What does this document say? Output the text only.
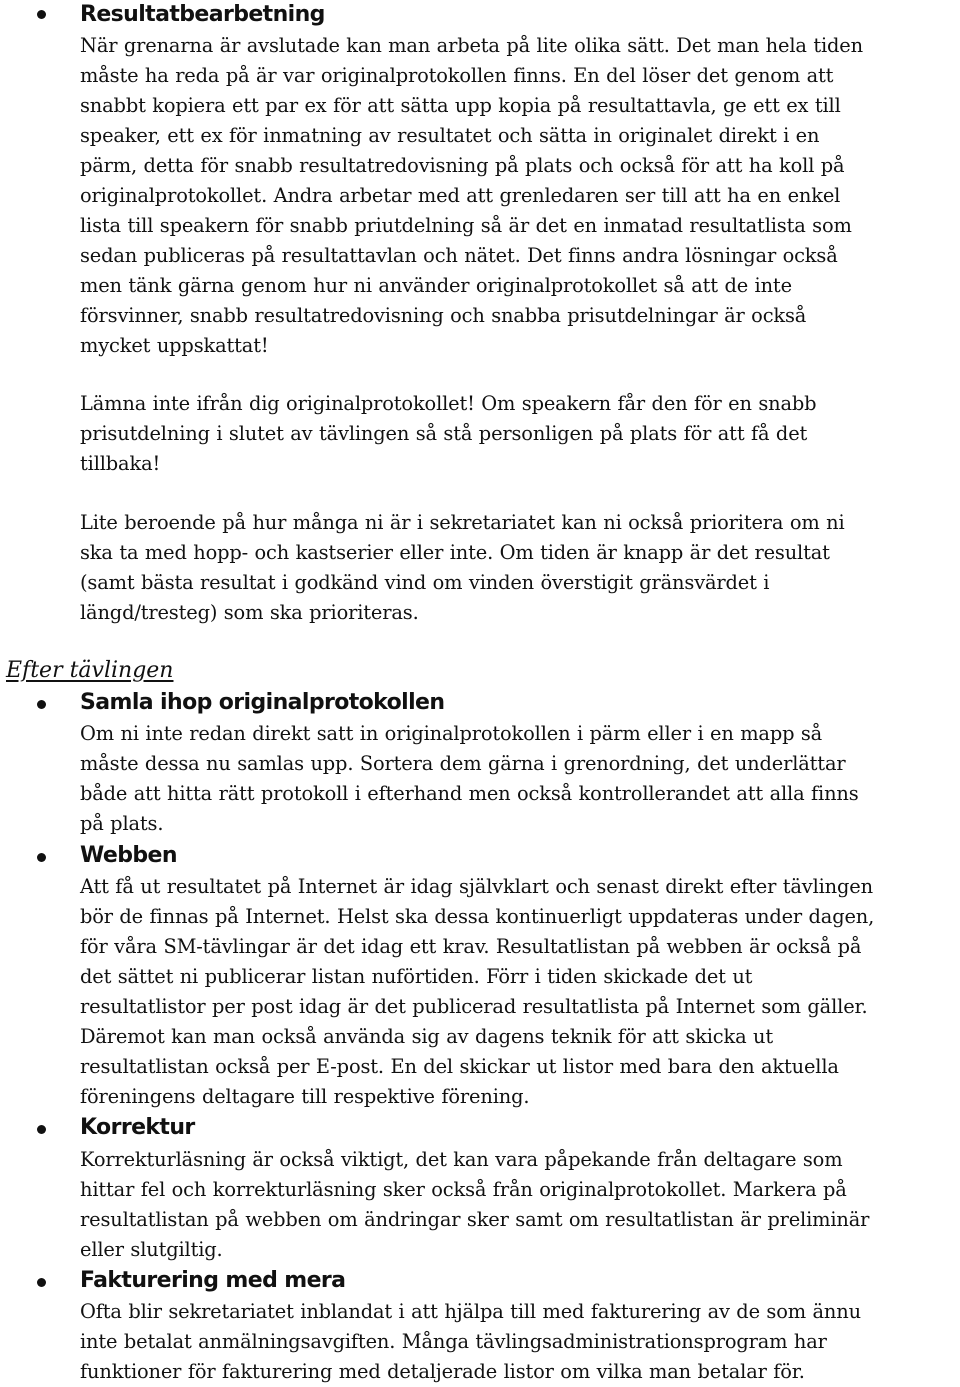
Resultatbearbetning
När grenarna är avslutade kan man arbeta på lite olika sätt. Det man hela tiden
måste ha reda på är var originalprotokollen finns. En del löser det genom att
snabbt kopiera ett par ex för att sätta upp kopia på resultattavla, ge ett ex till
speaker, ett ex för inmatning av resultatet och sätta in originalet direkt i en
pärm, detta för snabb resultatredovisning på plats och också för att ha koll på
originalprotokollet. Andra arbetar med att grenledaren ser till att ha en enkel
lista till speakern för snabb priutdelning så är det en inmatad resultatlista som
sedan publiceras på resultattavlan och nätet. Det finns andra lösningar också
men tänk gärna genom hur ni använder originalprotokollet så att de inte
försvinner, snabb resultatredovisning och snabba prisutdelningar är också
mycket uppskattat!
Lämna inte ifrån dig originalprotokollet! Om speakern får den för en snabb
prisutdelning i slutet av tävlingen så stå personligen på plats för att få det
tillbaka!
Lite beroende på hur många ni är i sekretariatet kan ni också prioritera om ni
ska ta med hopp- och kastserier eller inte. Om tiden är knapp är det resultat
(samt bästa resultat i godkänd vind om vinden överstigit gränsvärdet i
längd/tresteg) som ska prioriteras.
Efter tävlingen
Samla ihop originalprotokollen
Om ni inte redan direkt satt in originalprotokollen i pärm eller i en mapp så
måste dessa nu samlas upp. Sortera dem gärna i grenordning, det underlättar
både att hitta rätt protokoll i efterhand men också kontrollerandet att alla finns
på plats.
Webben
Att få ut resultatet på Internet är idag självklart och senast direkt efter tävlingen
bör de finnas på Internet. Helst ska dessa kontinuerligt uppdateras under dagen,
för våra SM-tävlingar är det idag ett krav. Resultatlistan på webben är också på
det sättet ni publicerar listan nuförtiden. Förr i tiden skickade det ut
resultatlistor per post idag är det publicerad resultatlista på Internet som gäller.
Däremot kan man också använda sig av dagens teknik för att skicka ut
resultatlistan också per E-post. En del skickar ut listor med bara den aktuella
föreningens deltagare till respektive förening.
Korrektur
Korrekturläsning är också viktigt, det kan vara påpekande från deltagare som
hittar fel och korrekturläsning sker också från originalprotokollet. Markera på
resultatlistan på webben om ändringar sker samt om resultatlistan är preliminär
eller slutgiltig.
Fakturering med mera
Ofta blir sekretariatet inblandat i att hjälpa till med fakturering av de som ännu
inte betalat anmälningsavgiften. Många tävlingsadministrationsprogram har
funktioner för fakturering med detaljerade listor om vilka man betalar för.
